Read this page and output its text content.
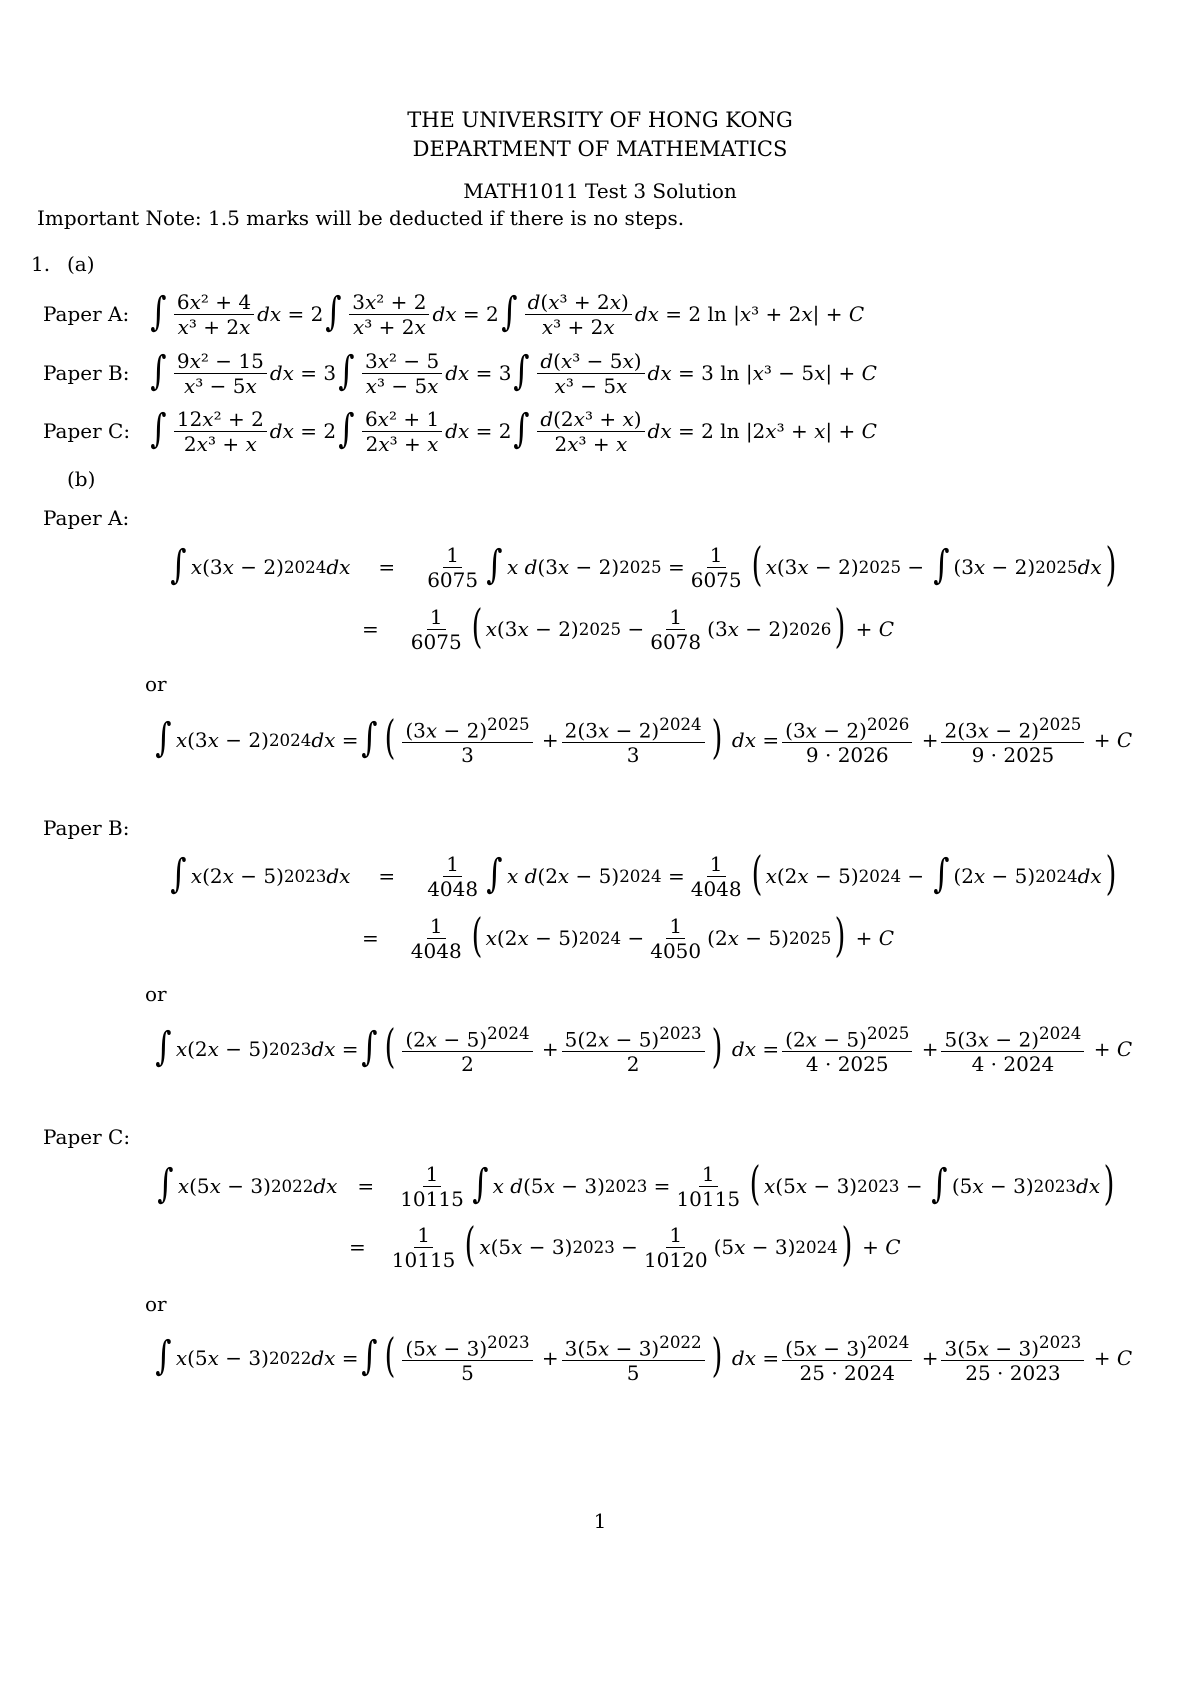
THE UNIVERSITY OF HONG KONG
DEPARTMENT OF MATHEMATICS
MATH1011 Test 3 Solution
Important Note: 1.5 marks will be deducted if there is no steps.
1. (a)
Paper A: ∫ $\frac{\text{6x² + 4}}{\text{x³ + 2x}}$ dx = 2 ∫ $\frac{\text{3x² + 2}}{\text{x³ + 2x}}$ dx = 2 ∫ $\frac{\text{d(x³ + 2x)}}{\text{x³ + 2x}}$ dx = 2 ln | x ³ + 2 x | + C
Paper B: ∫ $\frac{\text{9x² − 15}}{\text{x³ − 5x}}$ dx = 3 ∫ $\frac{\text{3x² − 5}}{\text{x³ − 5x}}$ dx = 3 ∫ $\frac{\text{d(x³ − 5x)}}{\text{x³ − 5x}}$ dx = 3 ln | x ³ − 5 x | + C
Paper C: ∫ $\frac{\text{12x² + 2}}{\text{2x³ + x}}$ dx = 2 ∫ $\frac{\text{6x² + 1}}{\text{2x³ + x}}$ dx = 2 ∫ $\frac{\text{d(2x³ + x)}}{\text{2x³ + x}}$ dx = 2 ln |2 x ³ + x | + C
(b)
Paper A:
∫ x (3 x − 2) 2024 dx = $\frac{1}{6075}$ ∫ x
d (3 x − 2) $2025 = \frac{1}{6075}$ ( x (3 x − 2) 2025 − ∫ (3 x − 2) 2025 dx )
= $\frac{1}{6075}$ ( x (3 x − 2) $2025 - \frac{1}{6078} (3$ x − 2) 2026 ) + C
or
∫ x (3 x − 2) 2024 dx = ∫ ( $\frac{(3x - 2)^{2025}}{3} + \frac{2(3x - 2)^{2024}}{3}$ )
dx = $\frac{(3x - 2)^{2026}}{9 \cdot 2026} + \frac{2(3x - 2)^{2025}}{9 \cdot 2025} + C$
Paper B:
∫ x (2 x − 5) 2023 dx = $\frac{1}{4048}$ ∫ x
d (2 x − 5) $2024 = \frac{1}{4048}$ ( x (2 x − 5) 2024 − ∫ (2 x − 5) 2024 dx )
= $\frac{1}{4048}$ ( x (2 x − 5) $2024 - \frac{1}{4050} (2$ x − 5) 2025 ) + C
or
∫ x (2 x − 5) 2023 dx = ∫ ( $\frac{(2x - 5)^{2024}}{2} + \frac{5(2x - 5)^{2023}}{2}$ )
dx = $\frac{(2x - 5)^{2025}}{4 \cdot 2025} + \frac{5(3x - 2)^{2024}}{4 \cdot 2024} + C$
Paper C:
∫ x (5 x − 3) 2022 dx = $\frac{1}{10115}$ ∫ x
d (5 x − 3) $2023 = \frac{1}{10115}$ ( x (5 x − 3) 2023 − ∫ (5 x − 3) 2023 dx )
= $\frac{1}{10115}$ ( x (5 x − 3) $2023 - \frac{1}{10120} (5$ x − 3) 2024 ) + C
or
∫ x (5 x − 3) 2022 dx = ∫ ( $\frac{(5x - 3)^{2023}}{5} + \frac{3(5x - 3)^{2022}}{5}$ )
dx = $\frac{(5x - 3)^{2024}}{25 \cdot 2024} + \frac{3(5x - 3)^{2023}}{25 \cdot 2023} + C$
1
